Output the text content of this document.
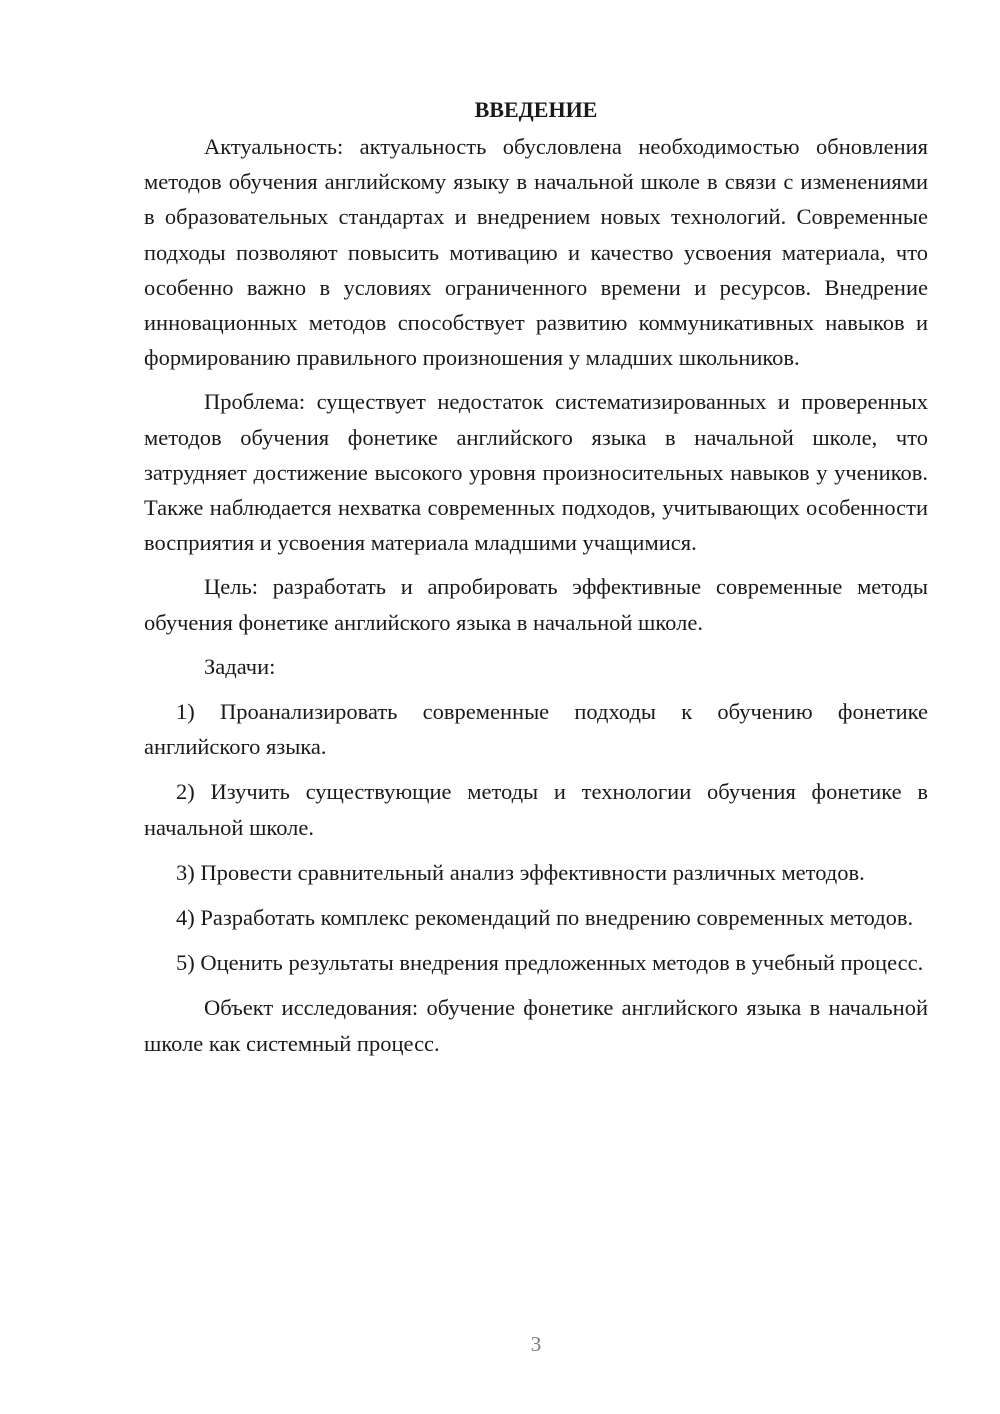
ВВЕДЕНИЕ

Актуальность: актуальность обусловлена необходимостью обновления методов обучения английскому языку в начальной школе в связи с изменениями в образовательных стандартах и внедрением новых технологий. Современные подходы позволяют повысить мотивацию и качество усвоения материала, что особенно важно в условиях ограниченного времени и ресурсов. Внедрение инновационных методов способствует развитию коммуникативных навыков и формированию правильного произношения у младших школьников.

Проблема: существует недостаток систематизированных и проверенных методов обучения фонетике английского языка в начальной школе, что затрудняет достижение высокого уровня произносительных навыков у учеников. Также наблюдается нехватка современных подходов, учитывающих особенности восприятия и усвоения материала младшими учащимися.

Цель: разработать и апробировать эффективные современные методы обучения фонетике английского языка в начальной школе.

Задачи:

1) Проанализировать современные подходы к обучению фонетике английского языка.

2) Изучить существующие методы и технологии обучения фонетике в начальной школе.

3) Провести сравнительный анализ эффективности различных методов.

4) Разработать комплекс рекомендаций по внедрению современных методов.

5) Оценить результаты внедрения предложенных методов в учебный процесс.

Объект исследования: обучение фонетике английского языка в начальной школе как системный процесс.

3
